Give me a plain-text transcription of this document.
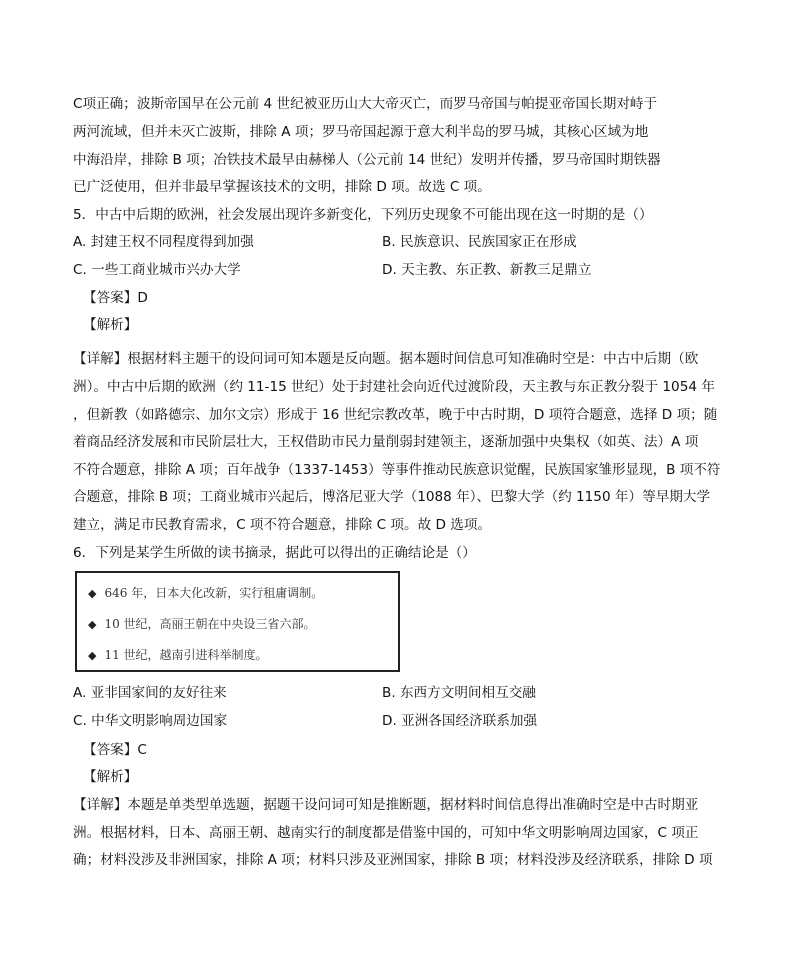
C项正确；波斯帝国早在公元前 4 世纪被亚历山大大帝灭亡，而罗马帝国与帕提亚帝国长期对峙于
两河流域，但并未灭亡波斯，排除 A 项；罗马帝国起源于意大利半岛的罗马城，其核心区域为地
中海沿岸，排除 B 项；冶铁技术最早由赫梯人（公元前 14 世纪）发明并传播，罗马帝国时期铁器
已广泛使用，但并非最早掌握该技术的文明，排除 D 项。故选 C 项。
5．中古中后期的欧洲，社会发展出现许多新变化，下列历史现象不可能出现在这一时期的是（）
A. 封建王权不同程度得到加强	B. 民族意识、民族国家正在形成
C. 一些工商业城市兴办大学	D. 天主教、东正教、新教三足鼎立
【答案】D
【解析】
【详解】根据材料主题干的设问词可知本题是反向题。据本题时间信息可知准确时空是：中古中后期（欧
洲）。中古中后期的欧洲（约 11-15 世纪）处于封建社会向近代过渡阶段，天主教与东正教分裂于 1054 年
，但新教（如路德宗、加尔文宗）形成于 16 世纪宗教改革，晚于中古时期，D 项符合题意，选择 D 项；随
着商品经济发展和市民阶层壮大，王权借助市民力量削弱封建领主，逐渐加强中央集权（如英、法）A 项
不符合题意，排除 A 项；百年战争（1337-1453）等事件推动民族意识觉醒，民族国家雏形显现，B 项不符
合题意，排除 B 项；工商业城市兴起后，博洛尼亚大学（1088 年）、巴黎大学（约 1150 年）等早期大学
建立，满足市民教育需求，C 项不符合题意，排除 C 项。故 D 选项。
6．下列是某学生所做的读书摘录，据此可以得出的正确结论是（）
◆ 646 年，日本大化改新，实行租庸调制。
◆ 10 世纪，高丽王朝在中央设三省六部。
◆ 11 世纪，越南引进科举制度。
A. 亚非国家间的友好往来	B. 东西方文明间相互交融
C. 中华文明影响周边国家	D. 亚洲各国经济联系加强
【答案】C
【解析】
【详解】本题是单类型单选题，据题干设问词可知是推断题，据材料时间信息得出准确时空是中古时期亚
洲。根据材料，日本、高丽王朝、越南实行的制度都是借鉴中国的，可知中华文明影响周边国家，C 项正
确；材料没涉及非洲国家，排除 A 项；材料只涉及亚洲国家，排除 B 项；材料没涉及经济联系，排除 D 项
